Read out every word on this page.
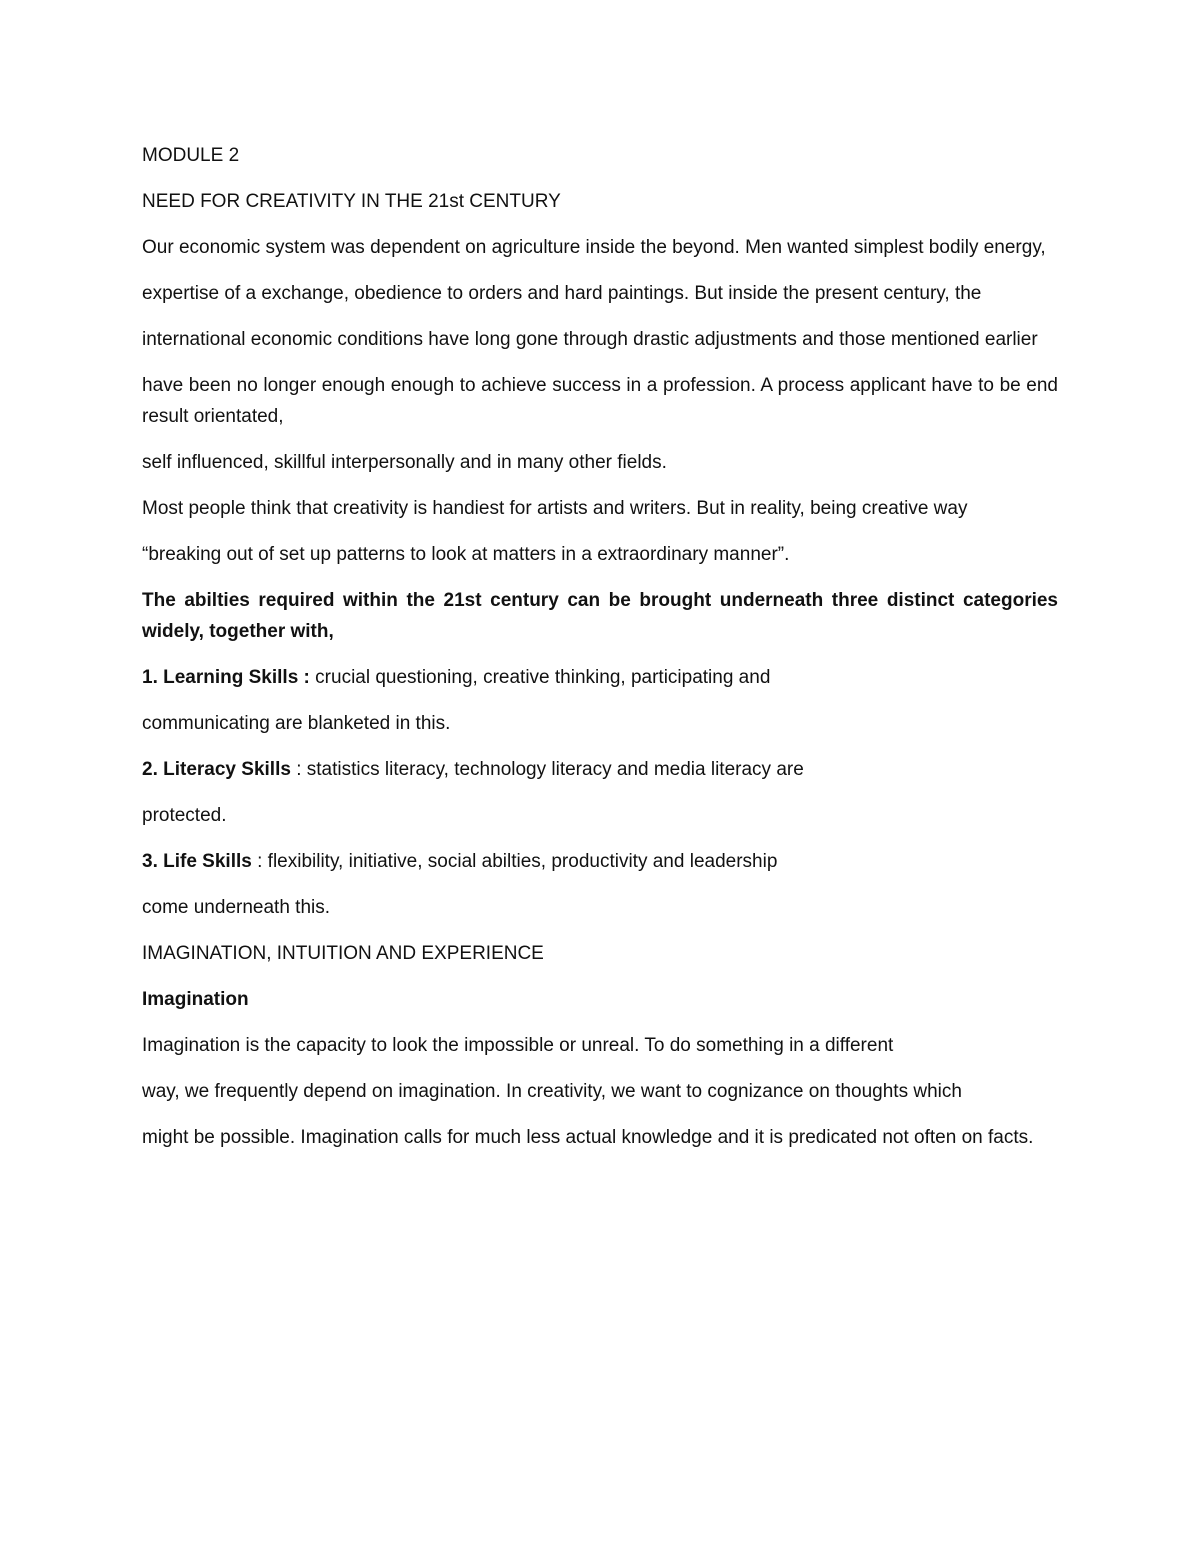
MODULE 2

NEED FOR CREATIVITY IN THE 21st CENTURY

Our economic system was dependent on agriculture inside the beyond. Men wanted simplest bodily energy,

expertise of a exchange, obedience to orders and hard paintings. But inside the present century, the

international economic conditions have long gone through drastic adjustments and those mentioned earlier

have been no longer enough enough to achieve success in a profession. A process applicant have to be end result orientated,

self influenced, skillful interpersonally and in many other fields.

Most people think that creativity is handiest for artists and writers. But in reality, being creative way

“breaking out of set up patterns to look at matters in a extraordinary manner”.

The abilties required within the 21st century can be brought underneath three distinct categories widely, together with,

1. Learning Skills : crucial questioning, creative thinking, participating and

communicating are blanketed in this.

2. Literacy Skills : statistics literacy, technology literacy and media literacy are

protected.

3. Life Skills : flexibility, initiative, social abilties, productivity and leadership

come underneath this.

IMAGINATION, INTUITION AND EXPERIENCE

Imagination

Imagination is the capacity to look the impossible or unreal. To do something in a different

way, we frequently depend on imagination. In creativity, we want to cognizance on thoughts which

might be possible. Imagination calls for much less actual knowledge and it is predicated not often on facts.
